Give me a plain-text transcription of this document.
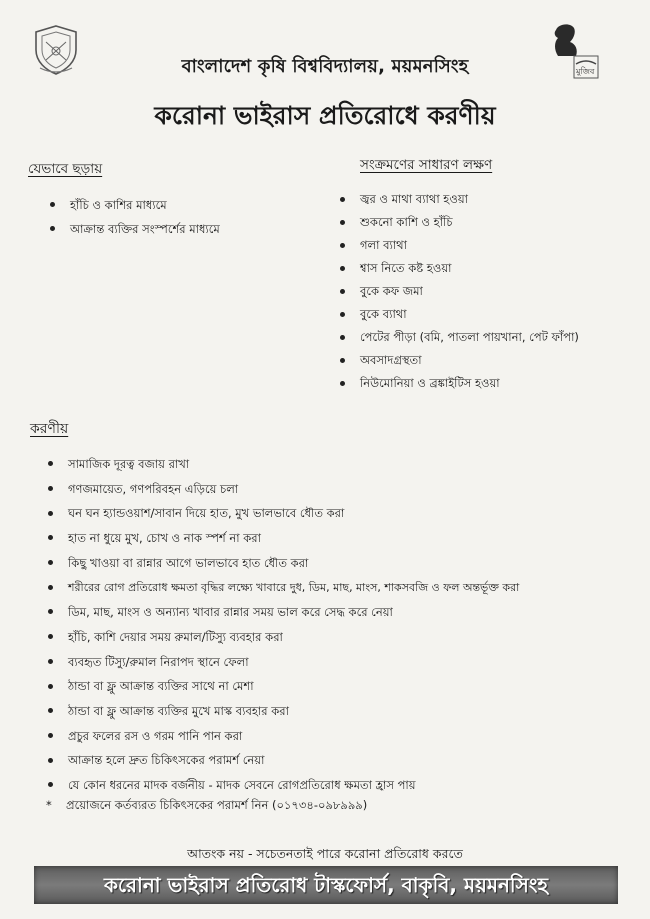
মুজিব
বাংলাদেশ কৃষি বিশ্ববিদ্যালয়, ময়মনসিংহ
করোনা ভাইরাস প্রতিরোধে করণীয়
যেভাবে ছড়ায়
হাঁচি ও কাশির মাধ্যমে
আক্রান্ত ব্যক্তির সংস্পর্শের মাধ্যমে
সংক্রমণের সাধারণ লক্ষণ
জ্বর ও মাথা ব্যাথা হওয়া
শুকনো কাশি ও হাঁচি
গলা ব্যাথা
শ্বাস নিতে কষ্ট হওয়া
বুকে কফ জমা
বুকে ব্যাথা
পেটের পীড়া (বমি, পাতলা পায়খানা, পেট ফাঁপা)
অবসাদগ্রস্থতা
নিউমোনিয়া ও ব্রঙ্কাইটিস হওয়া
করণীয়
সামাজিক দূরত্ব বজায় রাখা
গণজমায়েত, গণপরিবহন এড়িয়ে চলা
ঘন ঘন হ্যান্ডওয়াশ/সাবান দিয়ে হাত, মুখ ভালভাবে ধৌত করা
হাত না ধুয়ে মুখ, চোখ ও নাক স্পর্শ না করা
কিছু খাওয়া বা রান্নার আগে ভালভাবে হাত ধৌত করা
শরীরের রোগ প্রতিরোধ ক্ষমতা বৃদ্ধির লক্ষ্যে খাবারে দুধ, ডিম, মাছ, মাংস, শাকসবজি ও ফল অন্তর্ভূক্ত করা
ডিম, মাছ, মাংস ও অন্যান্য খাবার রান্নার সময় ভাল করে সেদ্ধ করে নেয়া
হাঁচি, কাশি দেয়ার সময় রুমাল/টিস্যু ব্যবহার করা
ব্যবহৃত টিস্যু/রুমাল নিরাপদ স্থানে ফেলা
ঠান্ডা বা ফ্লু আক্রান্ত ব্যক্তির সাথে না মেশা
ঠান্ডা বা ফ্লু আক্রান্ত ব্যক্তির মুখে মাস্ক ব্যবহার করা
প্রচুর ফলের রস ও গরম পানি পান করা
আক্রান্ত হলে দ্রুত চিকিৎসকের পরামর্শ নেয়া
যে কোন ধরনের মাদক বর্জনীয় - মাদক সেবনে রোগপ্রতিরোধ ক্ষমতা হ্রাস পায়
* প্রয়োজনে কর্তব্যরত চিকিৎসকের পরামর্শ নিন (০১৭৩৪-০৯৮৯৯৯)
আতংক নয় - সচেতনতাই পারে করোনা প্রতিরোধ করতে
করোনা ভাইরাস প্রতিরোধ টাস্কফোর্স, বাকৃবি, ময়মনসিংহ
